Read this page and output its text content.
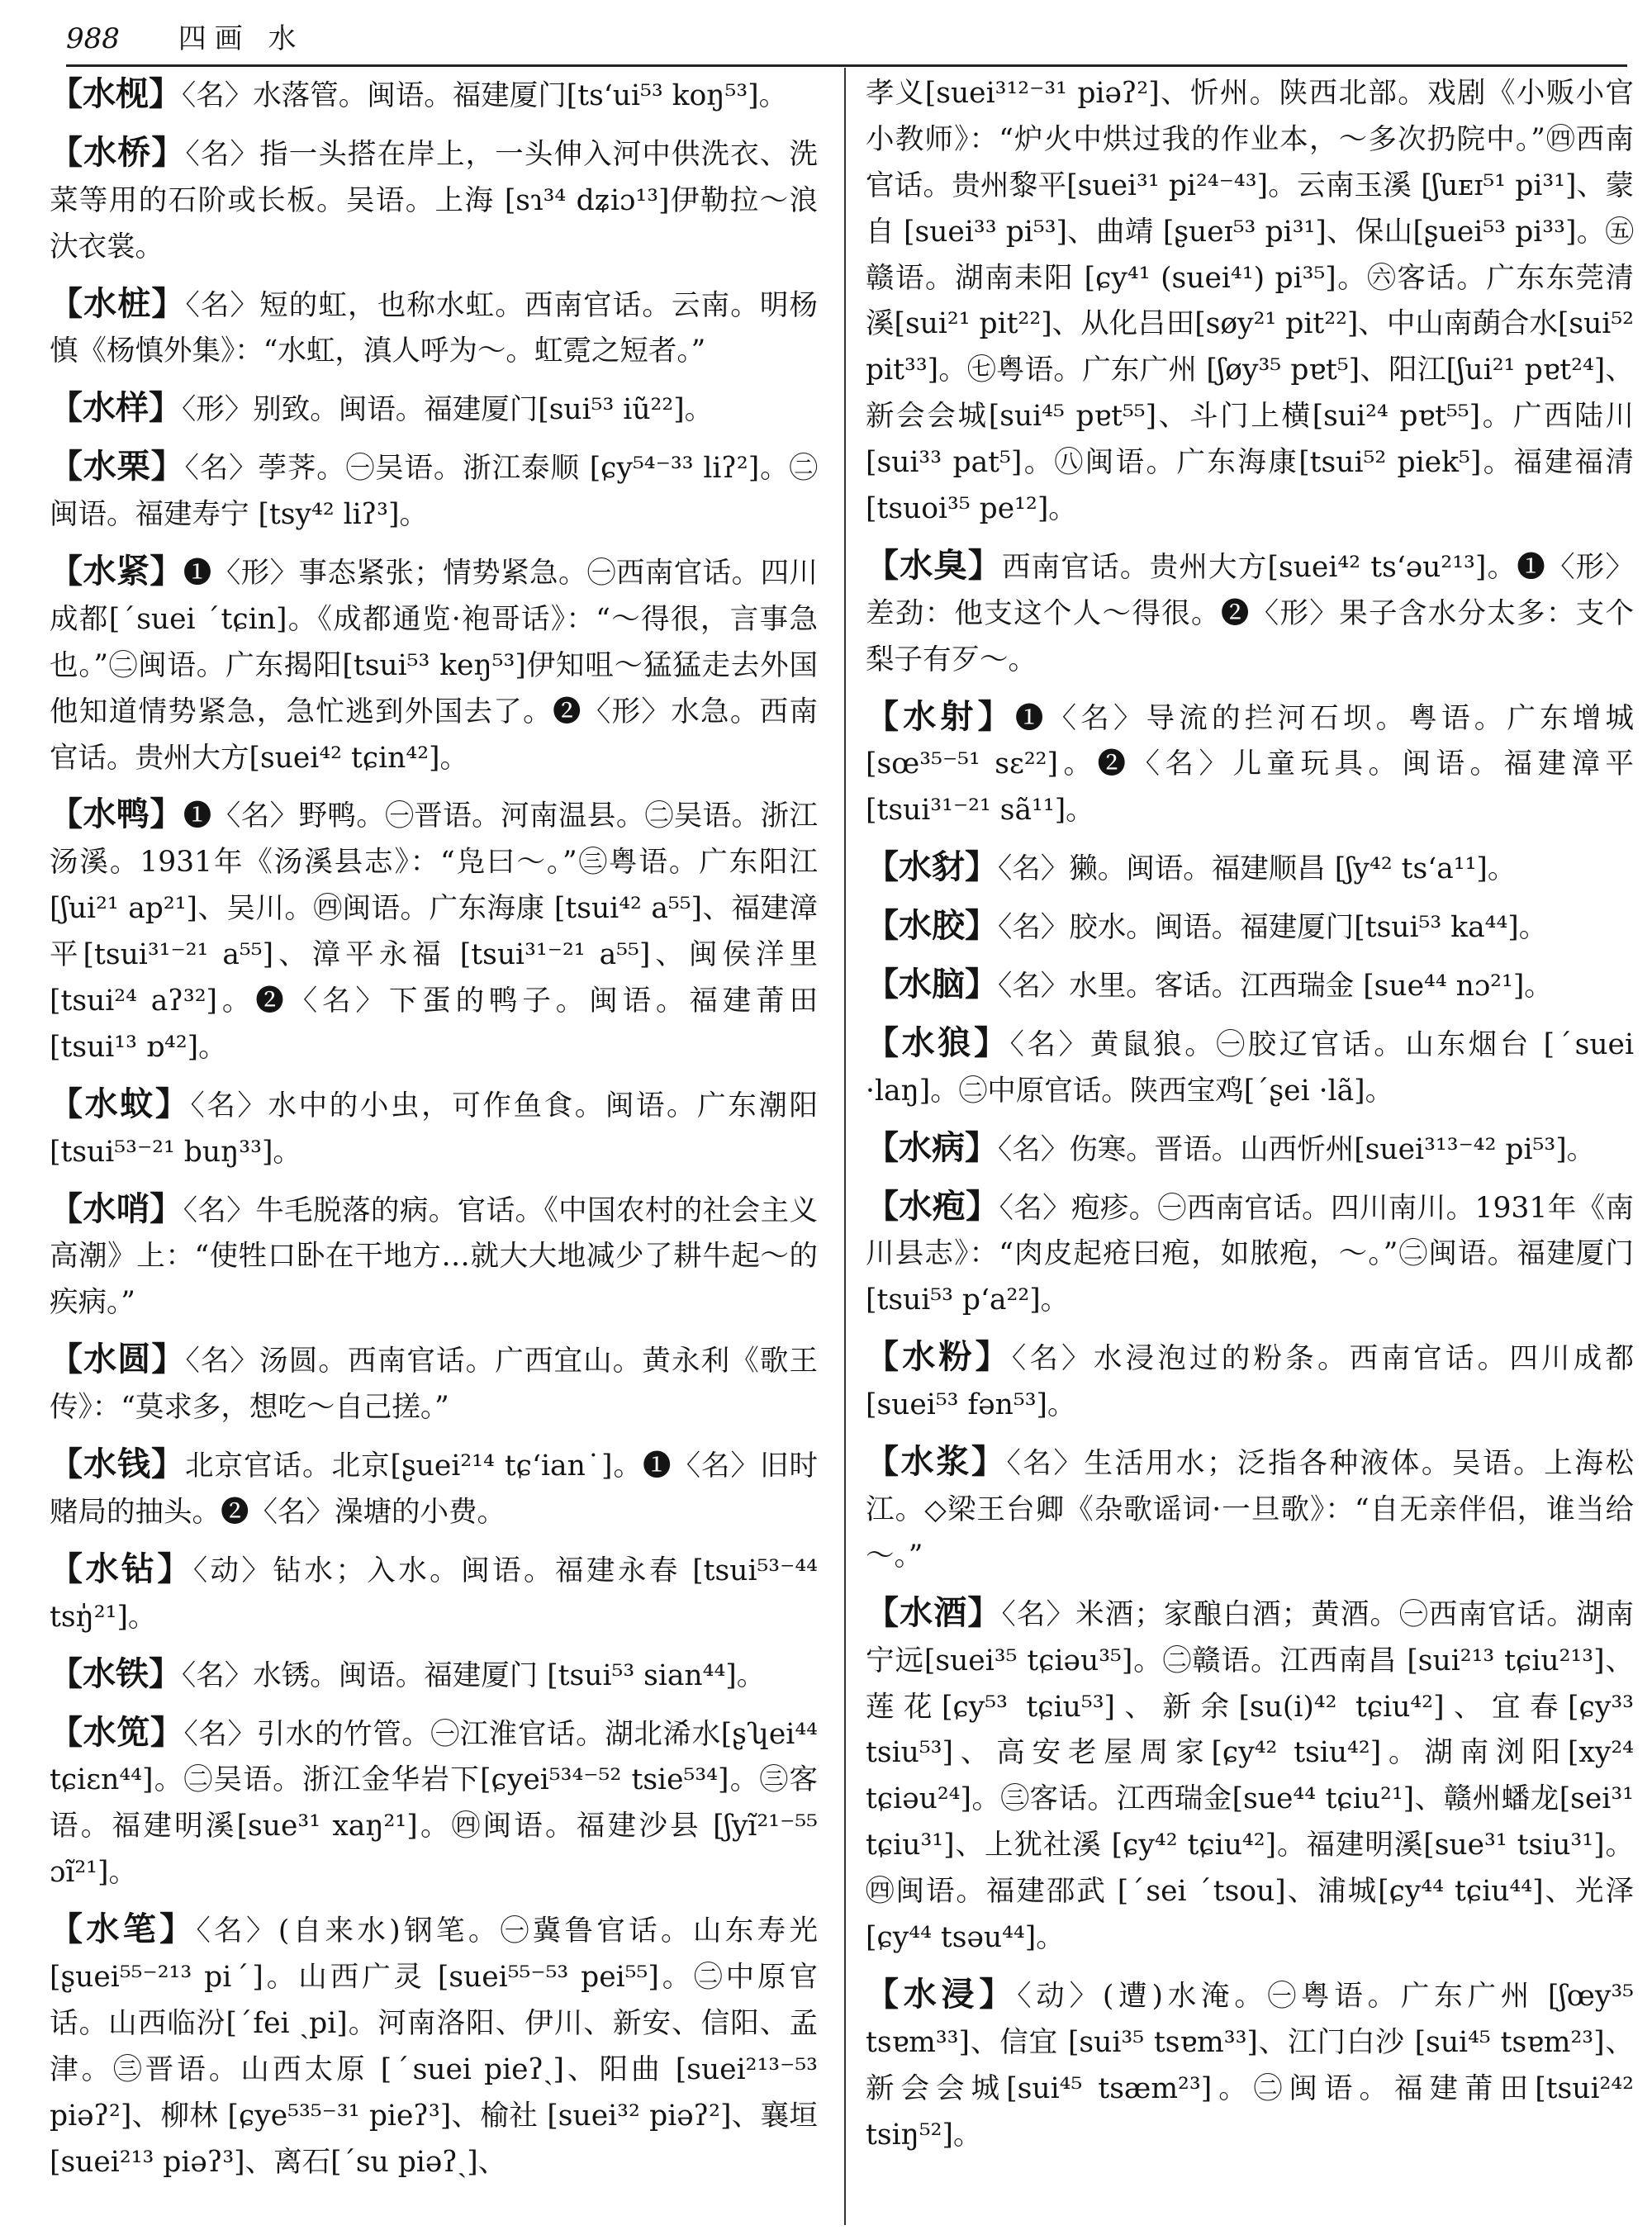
988 四画 水

【水枧】〈名〉水落管。闽语。福建厦门[tsʻui⁵³ koŋ⁵³]。

【水桥】〈名〉指一头搭在岸上，一头伸入河中供洗衣、洗菜等用的石阶或长板。吴语。上海 [sɿ³⁴ dʑiɔ¹³]伊勒拉～浪汏衣裳。

【水桩】〈名〉短的虹，也称水虹。西南官话。云南。明杨慎《杨慎外集》：“水虹，滇人呼为～。虹霓之短者。”

【水样】〈形〉别致。闽语。福建厦门[sui⁵³ iũ²²]。

【水栗】〈名〉荸荠。㊀吴语。浙江泰顺 [ɕy⁵⁴⁻³³ liʔ²]。㊁闽语。福建寿宁 [tsy⁴² liʔ³]。

【水紧】❶〈形〉事态紧张；情势紧急。㊀西南官话。四川成都[ˊsuei ˊtɕin]。《成都通览·袍哥话》：“～得很，言事急也。”㊁闽语。广东揭阳[tsui⁵³ keŋ⁵³]伊知咀～猛猛走去外国他知道情势紧急，急忙逃到外国去了。❷〈形〉水急。西南官话。贵州大方[suei⁴² tɕin⁴²]。

【水鸭】❶〈名〉野鸭。㊀晋语。河南温县。㊁吴语。浙江汤溪。1931年《汤溪县志》：“凫曰～。”㊂粤语。广东阳江[ʃui²¹ ap²¹]、吴川。㊃闽语。广东海康 [tsui⁴² a⁵⁵]、福建漳平[tsui³¹⁻²¹ a⁵⁵]、漳平永福 [tsui³¹⁻²¹ a⁵⁵]、闽侯洋里 [tsui²⁴ aʔ³²]。❷〈名〉下蛋的鸭子。闽语。福建莆田 [tsui¹³ ɒ⁴²]。

【水蚊】〈名〉水中的小虫，可作鱼食。闽语。广东潮阳[tsui⁵³⁻²¹ buŋ³³]。

【水哨】〈名〉牛毛脱落的病。官话。《中国农村的社会主义高潮》上：“使牲口卧在干地方…就大大地减少了耕牛起～的疾病。”

【水圆】〈名〉汤圆。西南官话。广西宜山。黄永利《歌王传》：“莫求多，想吃～自己搓。”

【水钱】北京官话。北京[ʂuei²¹⁴ tɕʻian˙]。❶〈名〉旧时赌局的抽头。❷〈名〉澡塘的小费。

【水钻】〈动〉钻水；入水。闽语。福建永春 [tsui⁵³⁻⁴⁴ tsŋ̍²¹]。

【水铁】〈名〉水锈。闽语。福建厦门 [tsui⁵³ sian⁴⁴]。

【水笕】〈名〉引水的竹管。㊀江淮官话。湖北浠水[ʂʮei⁴⁴ tɕiɛn⁴⁴]。㊁吴语。浙江金华岩下[ɕyei⁵³⁴⁻⁵² tsie⁵³⁴]。㊂客语。福建明溪[sue³¹ xaŋ²¹]。㊃闽语。福建沙县 [ʃyĩ²¹⁻⁵⁵ ɔĩ²¹]。

【水笔】〈名〉(自来水)钢笔。㊀冀鲁官话。山东寿光[ʂuei⁵⁵⁻²¹³ piˊ]。山西广灵 [suei⁵⁵⁻⁵³ pei⁵⁵]。㊁中原官话。山西临汾[ˊfei ˏpi]。河南洛阳、伊川、新安、信阳、孟津。㊂晋语。山西太原 [ˊsuei pieʔˏ]、阳曲 [suei²¹³⁻⁵³ piəʔ²]、柳林 [ɕye⁵³⁵⁻³¹ pieʔ³]、榆社 [suei³² piəʔ²]、襄垣[suei²¹³ piəʔ³]、离石[ˊsu piəʔˏ]、

孝义[suei³¹²⁻³¹ piəʔ²]、忻州。陕西北部。戏剧《小贩小官小教师》：“炉火中烘过我的作业本，～多次扔院中。”㊃西南官话。贵州黎平[suei³¹ pi²⁴⁻⁴³]。云南玉溪 [ʃuᴇɪ⁵¹ pi³¹]、蒙自 [suei³³ pi⁵³]、曲靖 [ʂueɪ⁵³ pi³¹]、保山[ʂuei⁵³ pi³³]。㊄赣语。湖南耒阳 [ɕy⁴¹ (suei⁴¹) pi³⁵]。㊅客话。广东东莞清溪[sui²¹ pit²²]、从化吕田[søy²¹ pit²²]、中山南蓢合水[sui⁵² pit³³]。㊆粤语。广东广州 [ʃøy³⁵ pɐt⁵]、阳江[ʃui²¹ pɐt²⁴]、新会会城[sui⁴⁵ pɐt⁵⁵]、斗门上横[sui²⁴ pɐt⁵⁵]。广西陆川[sui³³ pat⁵]。㊇闽语。广东海康[tsui⁵² piek⁵]。福建福清 [tsuoi³⁵ pe¹²]。

【水臭】西南官话。贵州大方[suei⁴² tsʻəu²¹³]。❶〈形〉差劲：他支这个人～得很。❷〈形〉果子含水分太多：支个梨子有歹～。

【水射】❶〈名〉导流的拦河石坝。粤语。广东增城[sœ³⁵⁻⁵¹ sɛ²²]。❷〈名〉儿童玩具。闽语。福建漳平 [tsui³¹⁻²¹ sã¹¹]。

【水豺】〈名〉獭。闽语。福建顺昌 [ʃy⁴² tsʻa¹¹]。

【水胶】〈名〉胶水。闽语。福建厦门[tsui⁵³ ka⁴⁴]。

【水脑】〈名〉水里。客话。江西瑞金 [sue⁴⁴ nɔ²¹]。

【水狼】〈名〉黄鼠狼。㊀胶辽官话。山东烟台 [ˊsuei ·laŋ]。㊁中原官话。陕西宝鸡[ˊʂei ·lã]。

【水病】〈名〉伤寒。晋语。山西忻州[suei³¹³⁻⁴² pi⁵³]。

【水疱】〈名〉疱疹。㊀西南官话。四川南川。1931年《南川县志》：“肉皮起疮曰疱，如脓疱，～。”㊁闽语。福建厦门 [tsui⁵³ pʻa²²]。

【水粉】〈名〉水浸泡过的粉条。西南官话。四川成都[suei⁵³ fən⁵³]。

【水浆】〈名〉生活用水；泛指各种液体。吴语。上海松江。◇梁王台卿《杂歌谣词·一旦歌》：“自无亲伴侣，谁当给～。”

【水酒】〈名〉米酒；家酿白酒；黄酒。㊀西南官话。湖南宁远[suei³⁵ tɕiəu³⁵]。㊁赣语。江西南昌 [sui²¹³ tɕiu²¹³]、莲花[ɕy⁵³ tɕiu⁵³]、新余[su(i)⁴² tɕiu⁴²]、宜春[ɕy³³ tsiu⁵³]、高安老屋周家[ɕy⁴² tsiu⁴²]。湖南浏阳[xy²⁴ tɕiəu²⁴]。㊂客话。江西瑞金[sue⁴⁴ tɕiu²¹]、赣州蟠龙[sei³¹ tɕiu³¹]、上犹社溪 [ɕy⁴² tɕiu⁴²]。福建明溪[sue³¹ tsiu³¹]。㊃闽语。福建邵武 [ˊsei ˊtsou]、浦城[ɕy⁴⁴ tɕiu⁴⁴]、光泽 [ɕy⁴⁴ tsəu⁴⁴]。

【水浸】〈动〉(遭)水淹。㊀粤语。广东广州 [ʃœy³⁵ tsɐm³³]、信宜 [sui³⁵ tsɐm³³]、江门白沙 [sui⁴⁵ tsɐm²³]、新会会城[sui⁴⁵ tsæm²³]。㊁闽语。福建莆田[tsui²⁴² tsiŋ⁵²]。
